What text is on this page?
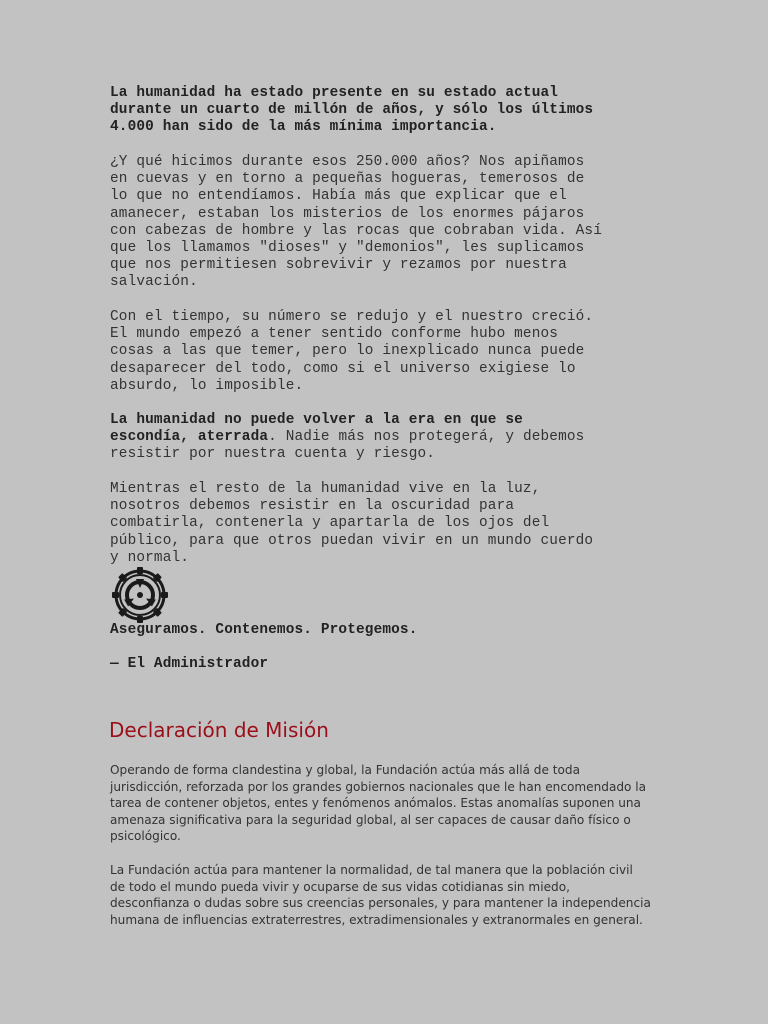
La humanidad ha estado presente en su estado actual
durante un cuarto de millón de años, y sólo los últimos
4.000 han sido de la más mínima importancia.

¿Y qué hicimos durante esos 250.000 años? Nos apiñamos
en cuevas y en torno a pequeñas hogueras, temerosos de
lo que no entendíamos. Había más que explicar que el
amanecer, estaban los misterios de los enormes pájaros
con cabezas de hombre y las rocas que cobraban vida. Así
que los llamamos "dioses" y "demonios", les suplicamos
que nos permitiesen sobrevivir y rezamos por nuestra
salvación.

Con el tiempo, su número se redujo y el nuestro creció.
El mundo empezó a tener sentido conforme hubo menos
cosas a las que temer, pero lo inexplicado nunca puede
desaparecer del todo, como si el universo exigiese lo
absurdo, lo imposible.

La humanidad no puede volver a la era en que se
escondía, aterrada. Nadie más nos protegerá, y debemos
resistir por nuestra cuenta y riesgo.

Mientras el resto de la humanidad vive en la luz,
nosotros debemos resistir en la oscuridad para
combatirla, contenerla y apartarla de los ojos del
público, para que otros puedan vivir en un mundo cuerdo
y normal.

Aseguramos. Contenemos. Protegemos.

— El Administrador

Declaración de Misión

Operando de forma clandestina y global, la Fundación actúa más allá de toda
jurisdicción, reforzada por los grandes gobiernos nacionales que le han encomendado la
tarea de contener objetos, entes y fenómenos anómalos. Estas anomalías suponen una
amenaza significativa para la seguridad global, al ser capaces de causar daño físico o
psicológico.

La Fundación actúa para mantener la normalidad, de tal manera que la población civil
de todo el mundo pueda vivir y ocuparse de sus vidas cotidianas sin miedo,
desconfianza o dudas sobre sus creencias personales, y para mantener la independencia
humana de influencias extraterrestres, extradimensionales y extranormales en general.
